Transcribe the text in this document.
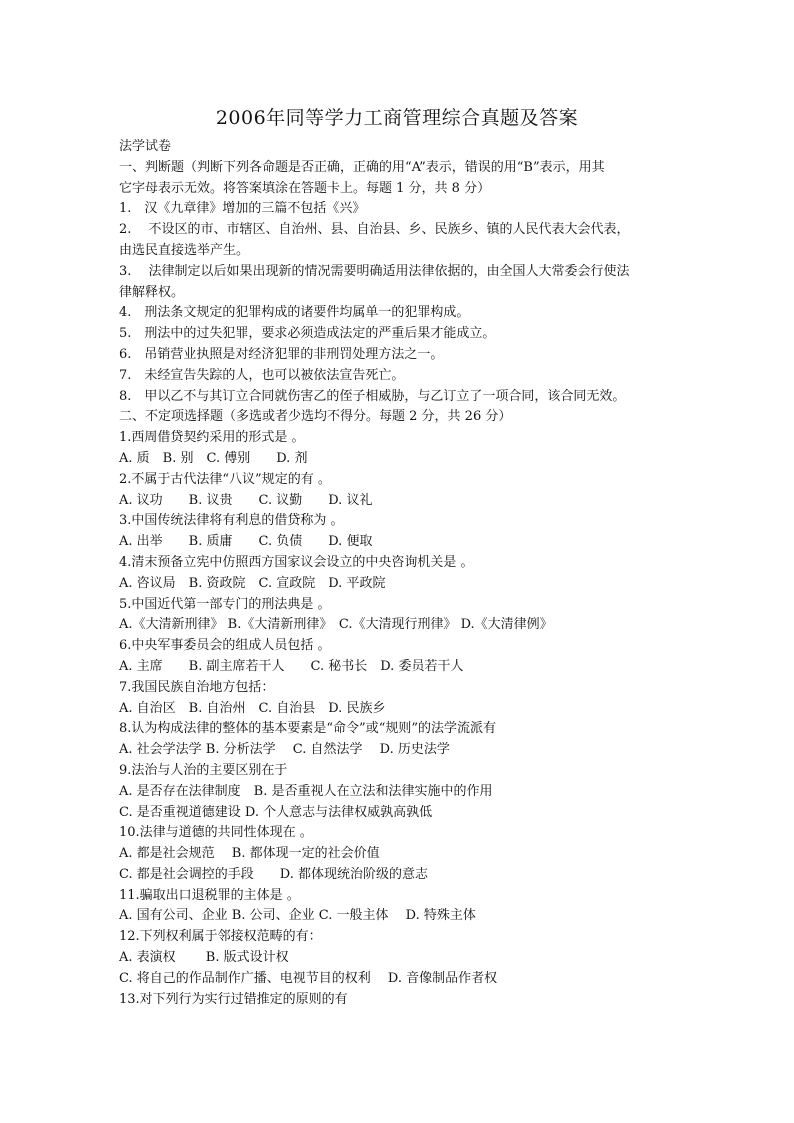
2006年同等学力工商管理综合真题及答案
法学试卷
一、判断题（判断下列各命题是否正确，正确的用“A”表示，错误的用“B”表示，用其
它字母表示无效。将答案填涂在答题卡上。每题 1 分，共 8 分）
1.　汉《九章律》增加的三篇不包括《兴》
2.　 不设区的市、市辖区、自治州、县、自治县、乡、民族乡、镇的人民代表大会代表，
由选民直接选举产生。
3.　 法律制定以后如果出现新的情况需要明确适用法律依据的，由全国人大常委会行使法
律解释权。
4.　刑法条文规定的犯罪构成的诸要件均属单一的犯罪构成。
5.　刑法中的过失犯罪，要求必须造成法定的严重后果才能成立。
6.　吊销营业执照是对经济犯罪的非刑罚处理方法之一。
7.　未经宣告失踪的人，也可以被依法宣告死亡。
8.　甲以乙不与其订立合同就伤害乙的侄子相威胁，与乙订立了一项合同，该合同无效。
二、不定项选择题（多选或者少选均不得分。每题 2 分，共 26 分）
1.西周借贷契约采用的形式是 。
A. 质　B. 别　C. 傅别　　D. 剂
2.不属于古代法律“八议”规定的有 。
A. 议功　　B. 议贵　　C. 议勤　　D. 议礼
3.中国传统法律将有利息的借贷称为 。
A. 出举　　B. 质庸　　C. 负债　　D. 便取
4.清末预备立宪中仿照西方国家议会设立的中央咨询机关是 。
A. 咨议局　B. 资政院　C. 宣政院　D. 平政院
5.中国近代第一部专门的刑法典是 。
A.《大清新刑律》 B.《大清新刑律》　C.《大清现行刑律》 D.《大清律例》
6.中央军事委员会的组成人员包括 。
A. 主席　　B. 副主席若干人　　C. 秘书长　D. 委员若干人
7.我国民族自治地方包括：
A. 自治区　B. 自治州　C. 自治县　D. 民族乡
8.认为构成法律的整体的基本要素是“命令”或“规则”的法学流派有
A. 社会学法学 B. 分析法学　 C. 自然法学　 D. 历史法学
9.法治与人治的主要区别在于
A. 是否存在法律制度　B. 是否重视人在立法和法律实施中的作用
C. 是否重视道德建设 D. 个人意志与法律权威孰高孰低
10.法律与道德的共同性体现在 。
A. 都是社会规范　 B. 都体现一定的社会价值
C. 都是社会调控的手段　　D. 都体现统治阶级的意志
11.骗取出口退税罪的主体是 。
A. 国有公司、企业 B. 公司、企业 C. 一般主体　 D. 特殊主体
12.下列权利属于邻接权范畴的有：
A. 表演权　　 B. 版式设计权
C. 将自己的作品制作广播、电视节目的权利　 D. 音像制品作者权
13.对下列行为实行过错推定的原则的有
